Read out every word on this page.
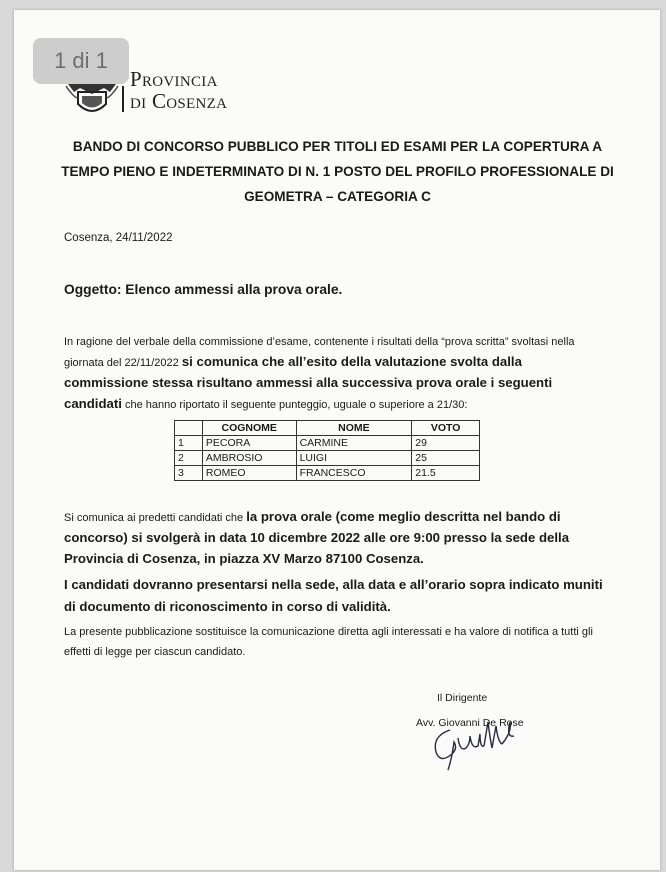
1 di 1
Provincia
di Cosenza
BANDO DI CONCORSO PUBBLICO PER TITOLI ED ESAMI PER LA COPERTURA A
TEMPO PIENO E INDETERMINATO DI N. 1 POSTO DEL PROFILO PROFESSIONALE DI
GEOMETRA – CATEGORIA C
Cosenza, 24/11/2022
Oggetto: Elenco ammessi alla prova orale.
In ragione del verbale della commissione d’esame, contenente i risultati della “prova scritta” svoltasi nella giornata del 22/11/2022 si comunica che all’esito della valutazione svolta dalla commissione stessa risultano ammessi alla successiva prova orale i seguenti candidati che hanno riportato il seguente punteggio, uguale o superiore a 21/30:
	COGNOME	NOME	VOTO
1	PECORA	CARMINE	29
2	AMBROSIO	LUIGI	25
3	ROMEO	FRANCESCO	21.5
Si comunica ai predetti candidati che la prova orale (come meglio descritta nel bando di concorso) si svolgerà in data 10 dicembre 2022 alle ore 9:00 presso la sede della Provincia di Cosenza, in piazza XV Marzo 87100 Cosenza.
I candidati dovranno presentarsi nella sede, alla data e all’orario sopra indicato muniti di documento di riconoscimento in corso di validità.
La presente pubblicazione sostituisce la comunicazione diretta agli interessati e ha valore di notifica a tutti gli effetti di legge per ciascun candidato.
Il Dirigente
Avv. Giovanni De Rose
